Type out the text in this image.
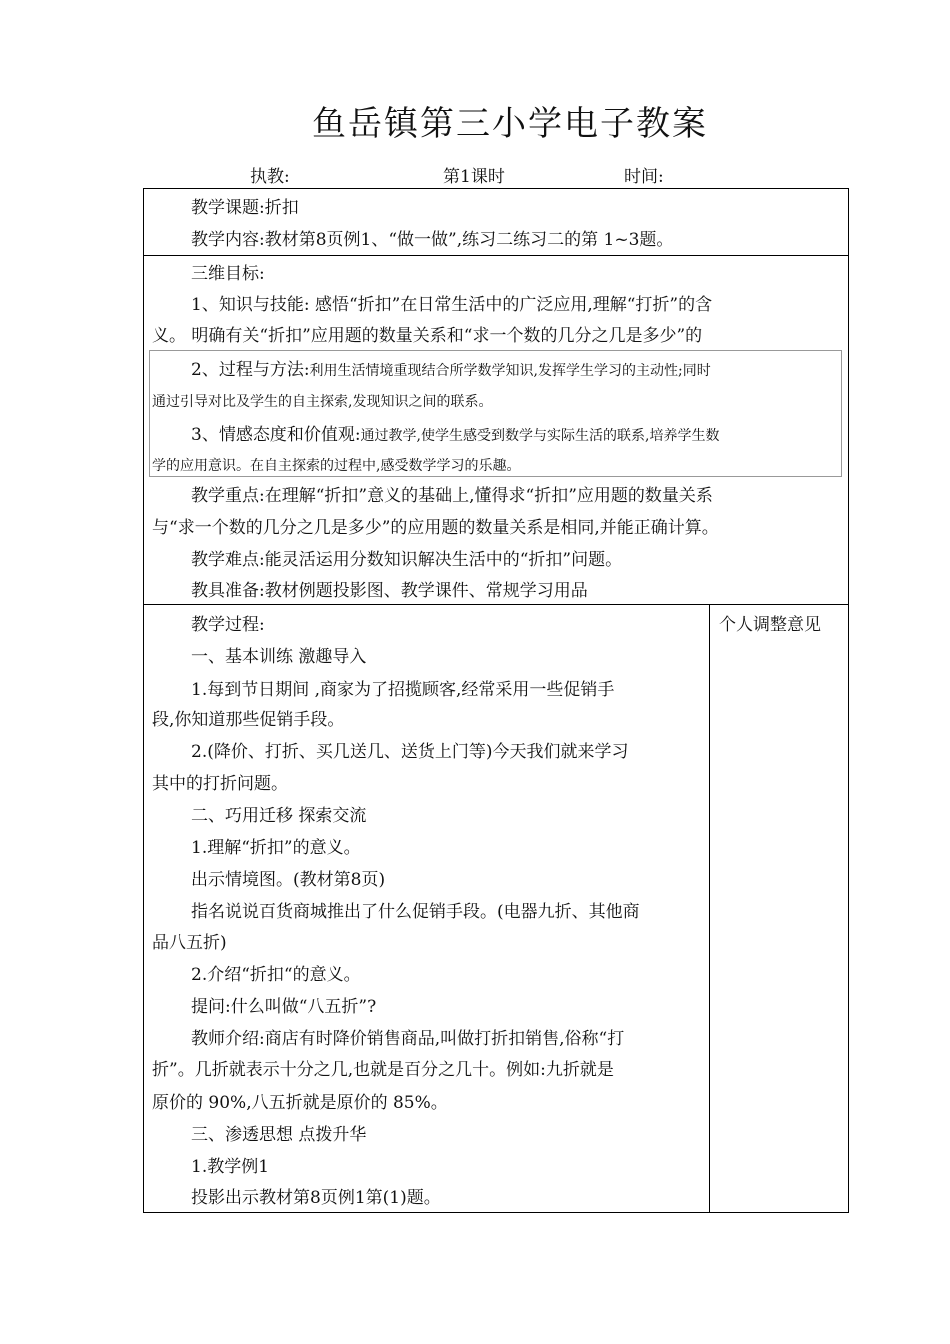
鱼岳镇第三小学电子教案
执教:	第1课时	时间:
教学课题:折扣
教学内容:教材第8页例1、“做一做”,练习二练习二的第 1~3题。
三维目标:
1、知识与技能: 感悟“折扣”在日常生活中的广泛应用,理解“打折”的含
义。 明确有关“折扣”应用题的数量关系和“求一个数的几分之几是多少”的
2、过程与方法:利用生活情境重现结合所学数学知识,发挥学生学习的主动性;同时
通过引导对比及学生的自主探索,发现知识之间的联系。
3、情感态度和价值观:通过教学,使学生感受到数学与实际生活的联系,培养学生数
学的应用意识。在自主探索的过程中,感受数学学习的乐趣。
教学重点:在理解“折扣”意义的基础上,懂得求“折扣”应用题的数量关系
与“求一个数的几分之几是多少”的应用题的数量关系是相同,并能正确计算。
教学难点:能灵活运用分数知识解决生活中的“折扣”问题。
教具准备:教材例题投影图、教学课件、常规学习用品
个人调整意见
教学过程:
一、基本训练 激趣导入
1.每到节日期间 ,商家为了招揽顾客,经常采用一些促销手
段,你知道那些促销手段。
2.(降价、打折、买几送几、送货上门等)今天我们就来学习
其中的打折问题。
二、巧用迁移 探索交流
1.理解“折扣”的意义。
出示情境图。(教材第8页)
指名说说百货商城推出了什么促销手段。(电器九折、其他商
品八五折)
2.介绍“折扣“的意义。
提问:什么叫做“八五折”?
教师介绍:商店有时降价销售商品,叫做打折扣销售,俗称“打
折”。几折就表示十分之几,也就是百分之几十。例如:九折就是
原价的 90%,八五折就是原价的 85%。
三、渗透思想 点拨升华
1.教学例1
投影出示教材第8页例1第(1)题。
